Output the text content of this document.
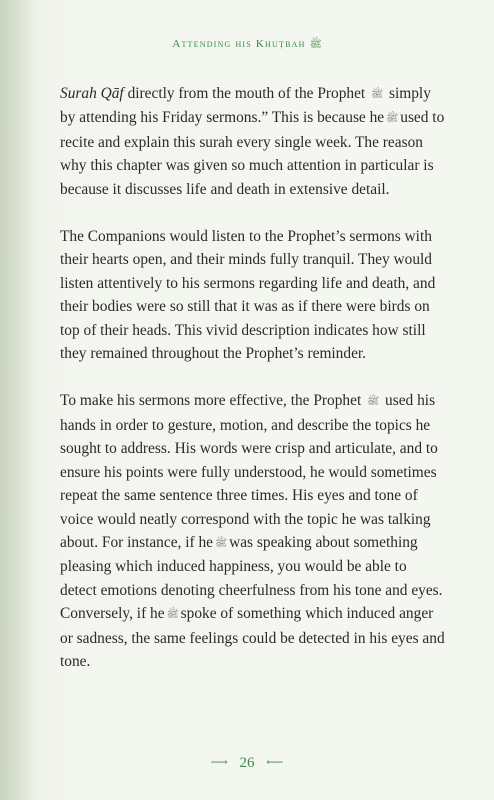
Attending his Khuṭbah ﷺ

Surah Qāf directly from the mouth of the Prophet ﷺ simply by attending his Friday sermons.” This is because he ﷺ used to recite and explain this surah every single week. The reason why this chapter was given so much attention in particular is because it discusses life and death in extensive detail.

The Companions would listen to the Prophet’s sermons with their hearts open, and their minds fully tranquil. They would listen attentively to his sermons regarding life and death, and their bodies were so still that it was as if there were birds on top of their heads. This vivid description indicates how still they remained throughout the Prophet’s reminder.

To make his sermons more effective, the Prophet ﷺ used his hands in order to gesture, motion, and describe the topics he sought to address. His words were crisp and articulate, and to ensure his points were fully understood, he would sometimes repeat the same sentence three times. His eyes and tone of voice would neatly correspond with the topic he was talking about. For instance, if he ﷺ was speaking about something pleasing which induced happiness, you would be able to detect emotions denoting cheerfulness from his tone and eyes. Conversely, if he ﷺ spoke of something which induced anger or sadness, the same feelings could be detected in his eyes and tone.

⟶ 26 ⟵
